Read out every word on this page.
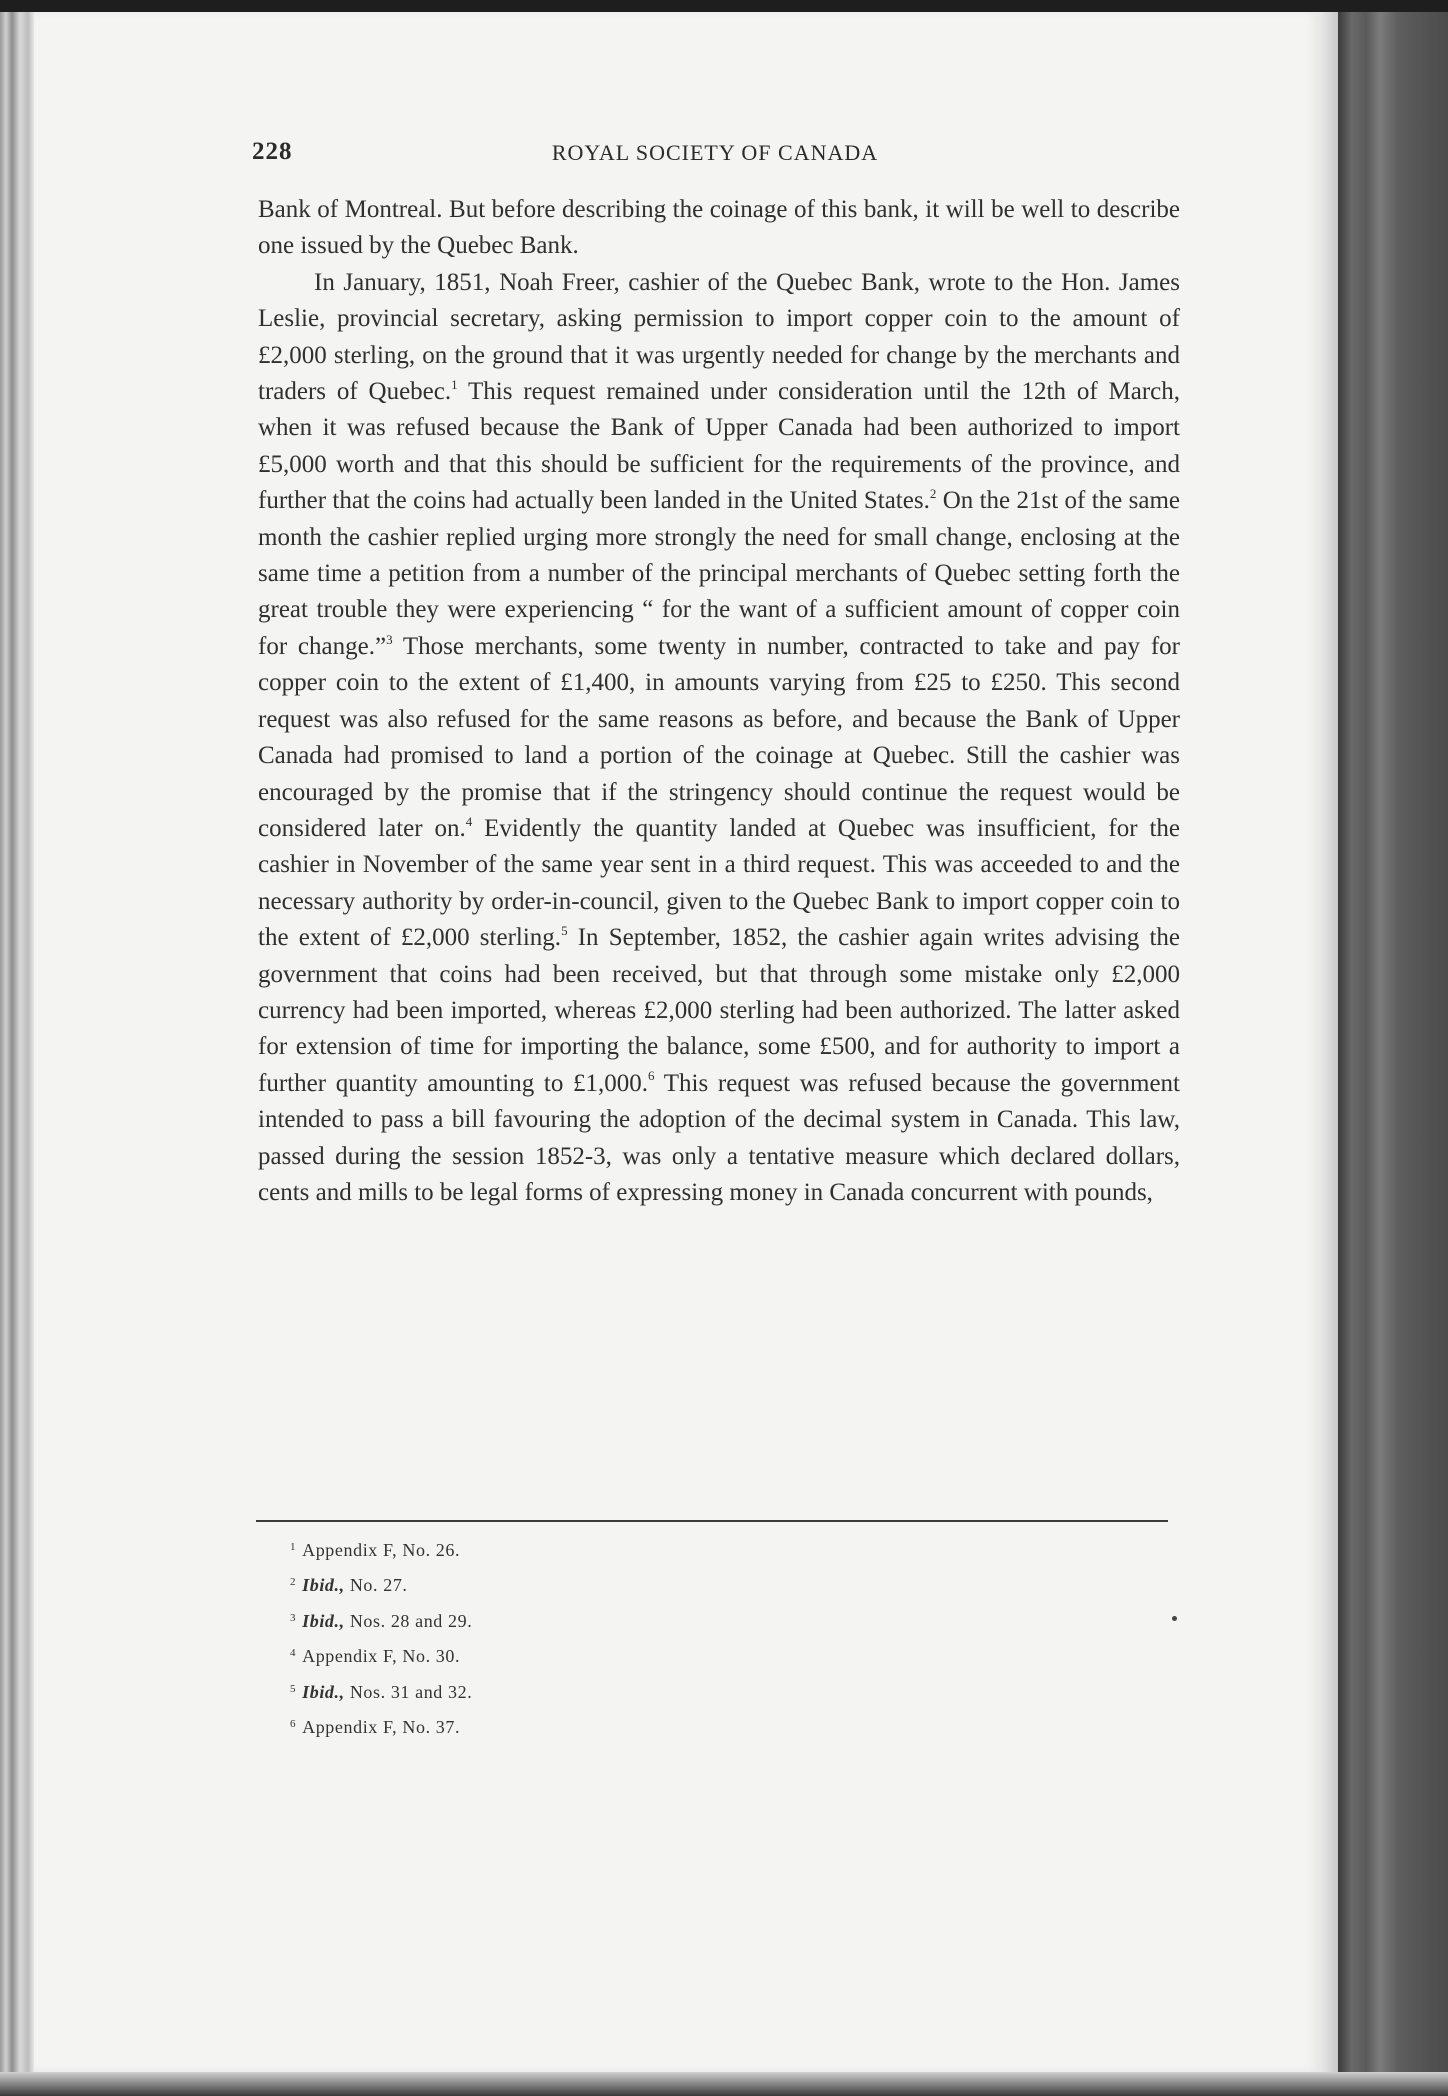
228	ROYAL SOCIETY OF CANADA

Bank of Montreal. But before describing the coinage of this bank, it will be well to describe one issued by the Quebec Bank.

In January, 1851, Noah Freer, cashier of the Quebec Bank, wrote to the Hon. James Leslie, provincial secretary, asking permission to import copper coin to the amount of £2,000 sterling, on the ground that it was urgently needed for change by the merchants and traders of Quebec.$^1$ This request remained under consideration until the 12th of March, when it was refused because the Bank of Upper Canada had been authorized to import £5,000 worth and that this should be sufficient for the requirements of the province, and further that the coins had actually been landed in the United States.$^2$ On the 21st of the same month the cashier replied urging more strongly the need for small change, enclosing at the same time a petition from a number of the principal merchants of Quebec setting forth the great trouble they were experiencing “ for the want of a sufficient amount of copper coin for change.”$^3$ Those merchants, some twenty in number, contracted to take and pay for copper coin to the extent of £1,400, in amounts varying from £25 to £250. This second request was also refused for the same reasons as before, and because the Bank of Upper Canada had promised to land a portion of the coinage at Quebec. Still the cashier was encouraged by the promise that if the stringency should continue the request would be considered later on.$^4$ Evidently the quantity landed at Quebec was insufficient, for the cashier in November of the same year sent in a third request. This was acceeded to and the necessary authority by order-in-council, given to the Quebec Bank to import copper coin to the extent of £2,000 sterling.$^5$ In September, 1852, the cashier again writes advising the government that coins had been received, but that through some mistake only £2,000 currency had been imported, whereas £2,000 sterling had been authorized. The latter asked for extension of time for importing the balance, some £500, and for authority to import a further quantity amounting to £1,000.$^6$ This request was refused because the government intended to pass a bill favouring the adoption of the decimal system in Canada. This law, passed during the session 1852-3, was only a tentative measure which declared dollars, cents and mills to be legal forms of expressing money in Canada concurrent with pounds,

$^1$ Appendix F, No. 26.
$^2$ Ibid., No. 27.
$^3$ Ibid., Nos. 28 and 29.
$^4$ Appendix F, No. 30.
$^5$ Ibid., Nos. 31 and 32.
$^6$ Appendix F, No. 37.
